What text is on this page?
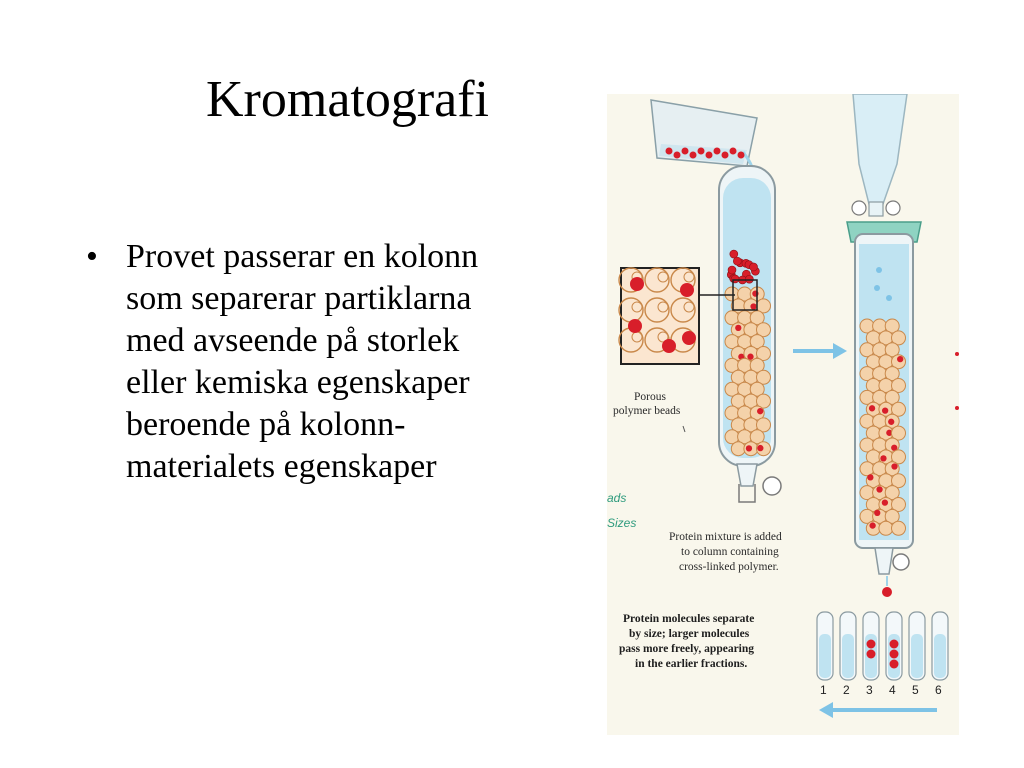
Kromatografi
• Provet passerar en kolonn
som separerar partiklarna
med avseende på storlek
eller kemiska egenskaper
beroende på kolonn-
materialets egenskaper
Porous
polymer beads
ads
Sizes
Protein mixture is added
to column containing
cross-linked polymer.
Protein molecules separate
by size; larger molecules
pass more freely, appearing
in the earlier fractions.
1 2 3 4 5 6
